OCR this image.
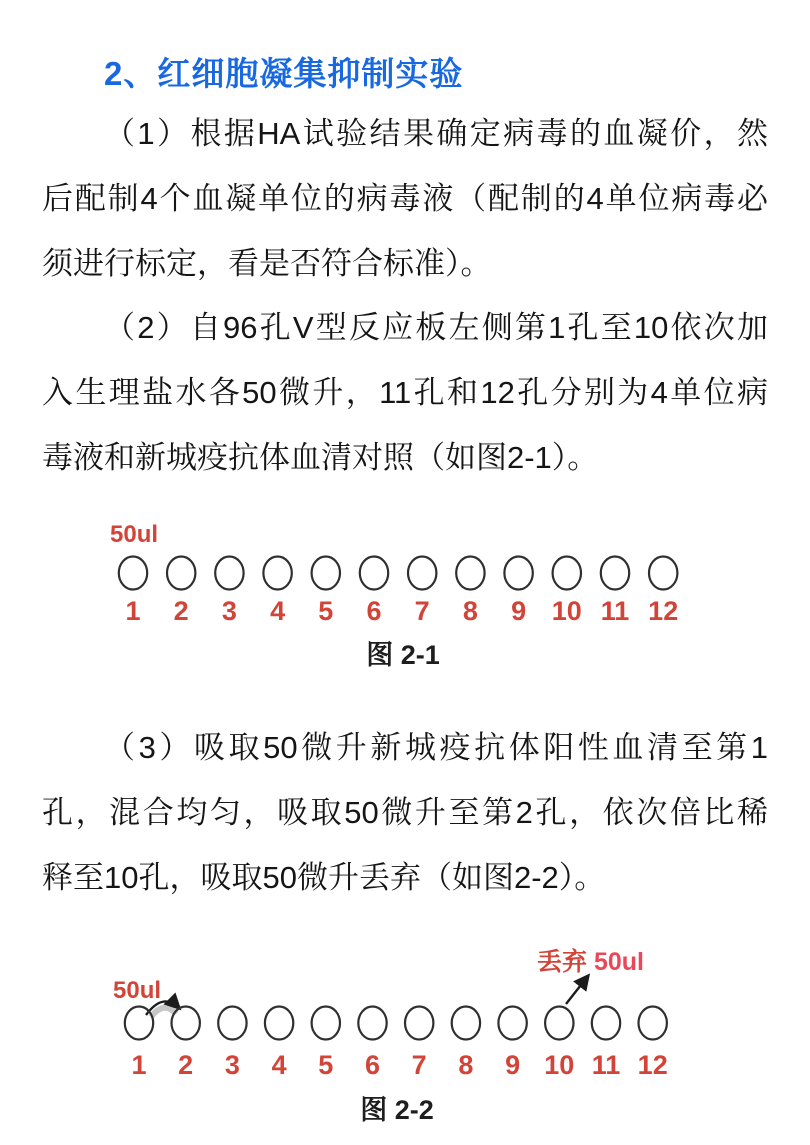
2、红细胞凝集抑制实验
（1）根据HA试验结果确定病毒的血凝价，然
后配制4个血凝单位的病毒液（配制的4单位病毒必
须进行标定，看是否符合标准）。
（2）自96孔V型反应板左侧第1孔至10依次加
入生理盐水各50微升，11孔和12孔分别为4单位病
毒液和新城疫抗体血清对照（如图2-1）。
50ul
1 2 3 4 5 6 7 8 9 10 11 12
图 2-1
（3）吸取50微升新城疫抗体阳性血清至第1
孔，混合均匀，吸取50微升至第2孔，依次倍比稀
释至10孔，吸取50微升丢弃（如图2-2）。
丢弃 50ul
50ul
1 2 3 4 5 6 7 8 9 10 11 12
图 2-2
